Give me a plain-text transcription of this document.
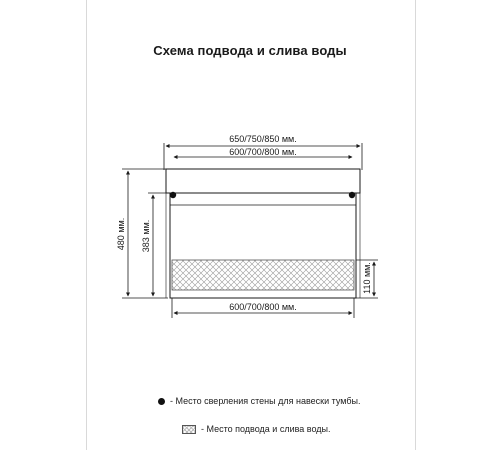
Схема подвода и слива воды
650/750/850 мм.
600/700/800 мм.
480 мм. 383 мм.
110 мм.
600/700/800 мм.
- Место сверления стены для навески тумбы.
- Место подвода и слива воды.
